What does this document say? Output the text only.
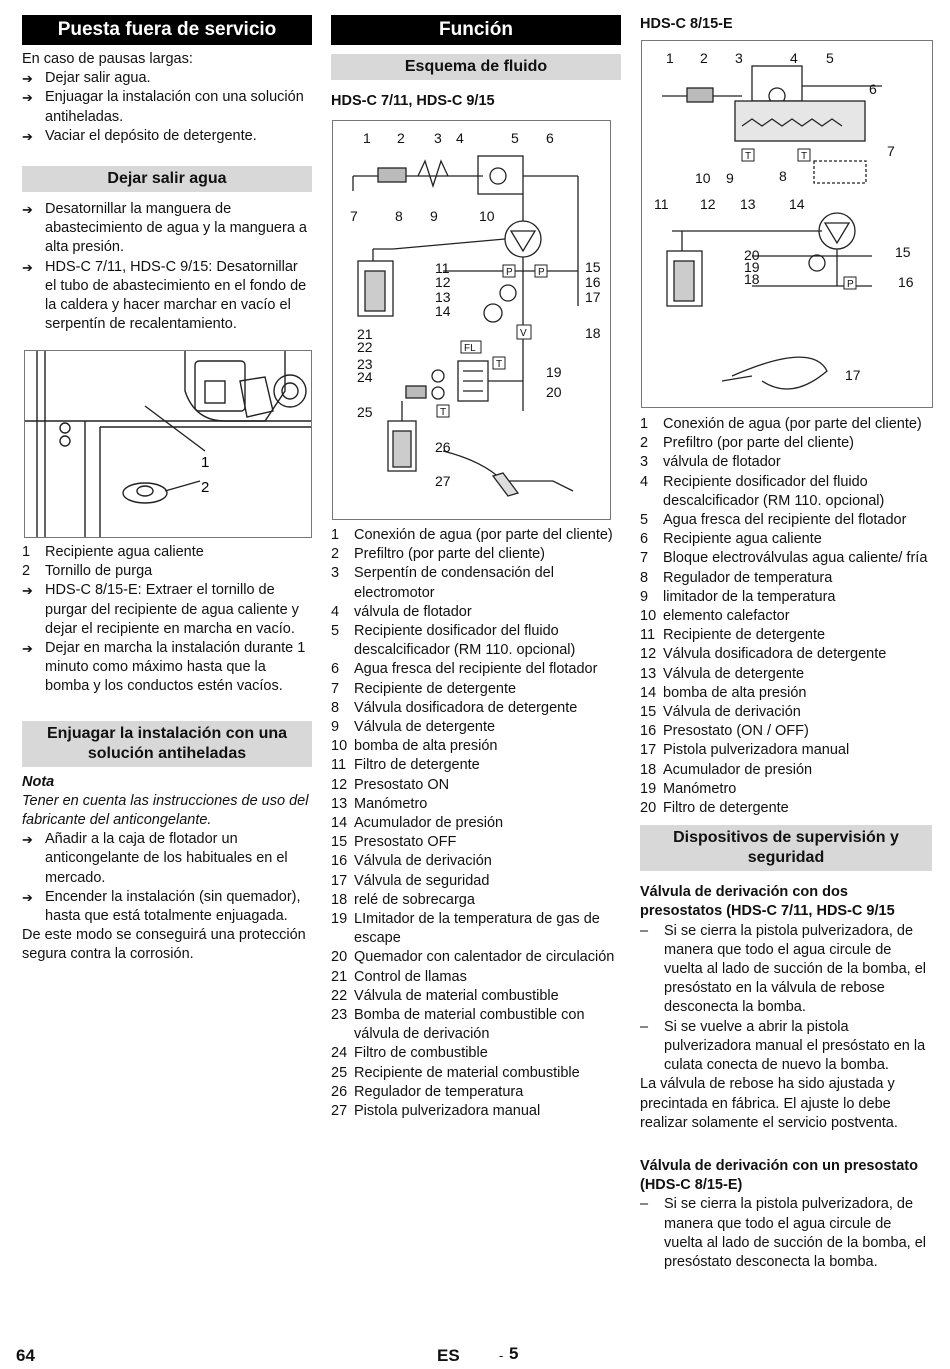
Puesta fuera de servicio

En caso de pausas largas:

➔ Dejar salir agua.

➔ Enjuagar la instalación con una solución antiheladas.

➔ Vaciar el depósito de detergente.

Dejar salir agua

➔ Desatornillar la manguera de abastecimiento de agua y la manguera a alta presión.

➔ HDS-C 7/11, HDS-C 9/15: Desatornillar el tubo de abastecimiento en el fondo de la caldera y hacer marchar en vacío el serpentín de recalentamiento.

1
2

1 Recipiente agua caliente

2 Tornillo de purga

➔ HDS-C 8/15-E: Extraer el tornillo de purgar del recipiente de agua caliente y dejar el recipiente en marcha en vacío.

➔ Dejar en marcha la instalación durante 1 minuto como máximo hasta que la bomba y los conductos estén vacíos.

Enjuagar la instalación con una solución antiheladas

Nota

Tener en cuenta las instrucciones de uso del fabricante del anticongelante.

➔ Añadir a la caja de flotador un anticongelante de los habituales en el mercado.

➔ Encender la instalación (sin quemador), hasta que está totalmente enjuagada.

De este modo se conseguirá una protección segura contra la corrosión.

Función
Esquema de fluido

HDS-C 7/11, HDS-C 9/15

1 2 3 4	5 6
7	8 9	10
11
12
13
14
15
16
17
18
19
20
21
22
23
24
25
26
27
P	P
V
FL
T
T

1 Conexión de agua (por parte del cliente)

2 Prefiltro (por parte del cliente)

3 Serpentín de condensación del electromotor

4 válvula de flotador

5 Recipiente dosificador del fluido descalcificador (RM 110. opcional)

6 Agua fresca del recipiente del flotador

7 Recipiente de detergente

8 Válvula dosificadora de detergente

9 Válvula de detergente

10 bomba de alta presión

11 Filtro de detergente

12 Presostato ON

13 Manómetro

14 Acumulador de presión

15 Presostato OFF

16 Válvula de derivación

17 Válvula de seguridad

18 relé de sobrecarga

19 LImitador de la temperatura de gas de escape

20 Quemador con calentador de circulación

21 Control de llamas

22 Válvula de material combustible

23 Bomba de material combustible con válvula de derivación

24 Filtro de combustible

25 Recipiente de material combustible

26 Regulador de temperatura

27 Pistola pulverizadora manual

HDS-C 8/15-E

1 2 3	4 5
6
7
8
9
10
11 12 13 14
15
16
17
18
19
20
T	T
P

1 Conexión de agua (por parte del cliente)

2 Prefiltro (por parte del cliente)

3 válvula de flotador

4 Recipiente dosificador del fluido descalcificador (RM 110. opcional)

5 Agua fresca del recipiente del flotador

6 Recipiente agua caliente

7 Bloque electroválvulas agua caliente/ fría

8 Regulador de temperatura

9 limitador de la temperatura

10 elemento calefactor

11 Recipiente de detergente

12 Válvula dosificadora de detergente

13 Válvula de detergente

14 bomba de alta presión

15 Válvula de derivación

16 Presostato (ON / OFF)

17 Pistola pulverizadora manual

18 Acumulador de presión

19 Manómetro

20 Filtro de detergente

Dispositivos de supervisión y seguridad

Válvula de derivación con dos presostatos (HDS-C 7/11, HDS-C 9/15

– Si se cierra la pistola pulverizadora, de manera que todo el agua circule de vuelta al lado de succión de la bomba, el presóstato en la válvula de rebose desconecta la bomba.

– Si se vuelve a abrir la pistola pulverizadora manual el presóstato en la culata conecta de nuevo la bomba.

La válvula de rebose ha sido ajustada y precintada en fábrica. El ajuste lo debe realizar solamente el servicio postventa.

Válvula de derivación con un presostato (HDS-C 8/15-E)

– Si se cierra la pistola pulverizadora, de manera que todo el agua circule de vuelta al lado de succión de la bomba, el presóstato desconecta la bomba.

64	ES	- 5
